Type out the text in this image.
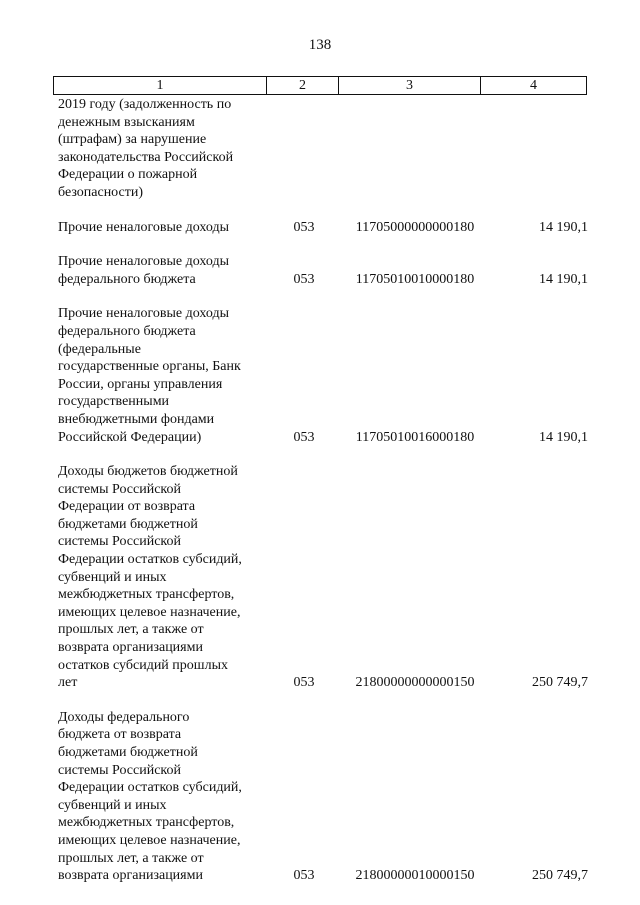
138
1	2	3	4
2019 году (задолженность по
денежным взысканиям
(штрафам) за нарушение
законодательства Российской
Федерации о пожарной
безопасности)
Прочие неналоговые доходы	053	11705000000000180	14 190,1
Прочие неналоговые доходы
федерального бюджета	053	11705010010000180	14 190,1
Прочие неналоговые доходы
федерального бюджета
(федеральные
государственные органы, Банк
России, органы управления
государственными
внебюджетными фондами
Российской Федерации)	053	11705010016000180	14 190,1
Доходы бюджетов бюджетной
системы Российской
Федерации от возврата
бюджетами бюджетной
системы Российской
Федерации остатков субсидий,
субвенций и иных
межбюджетных трансфертов,
имеющих целевое назначение,
прошлых лет, а также от
возврата организациями
остатков субсидий прошлых
лет	053	21800000000000150	250 749,7
Доходы федерального
бюджета от возврата
бюджетами бюджетной
системы Российской
Федерации остатков субсидий,
субвенций и иных
межбюджетных трансфертов,
имеющих целевое назначение,
прошлых лет, а также от
возврата организациями	053	21800000010000150	250 749,7
